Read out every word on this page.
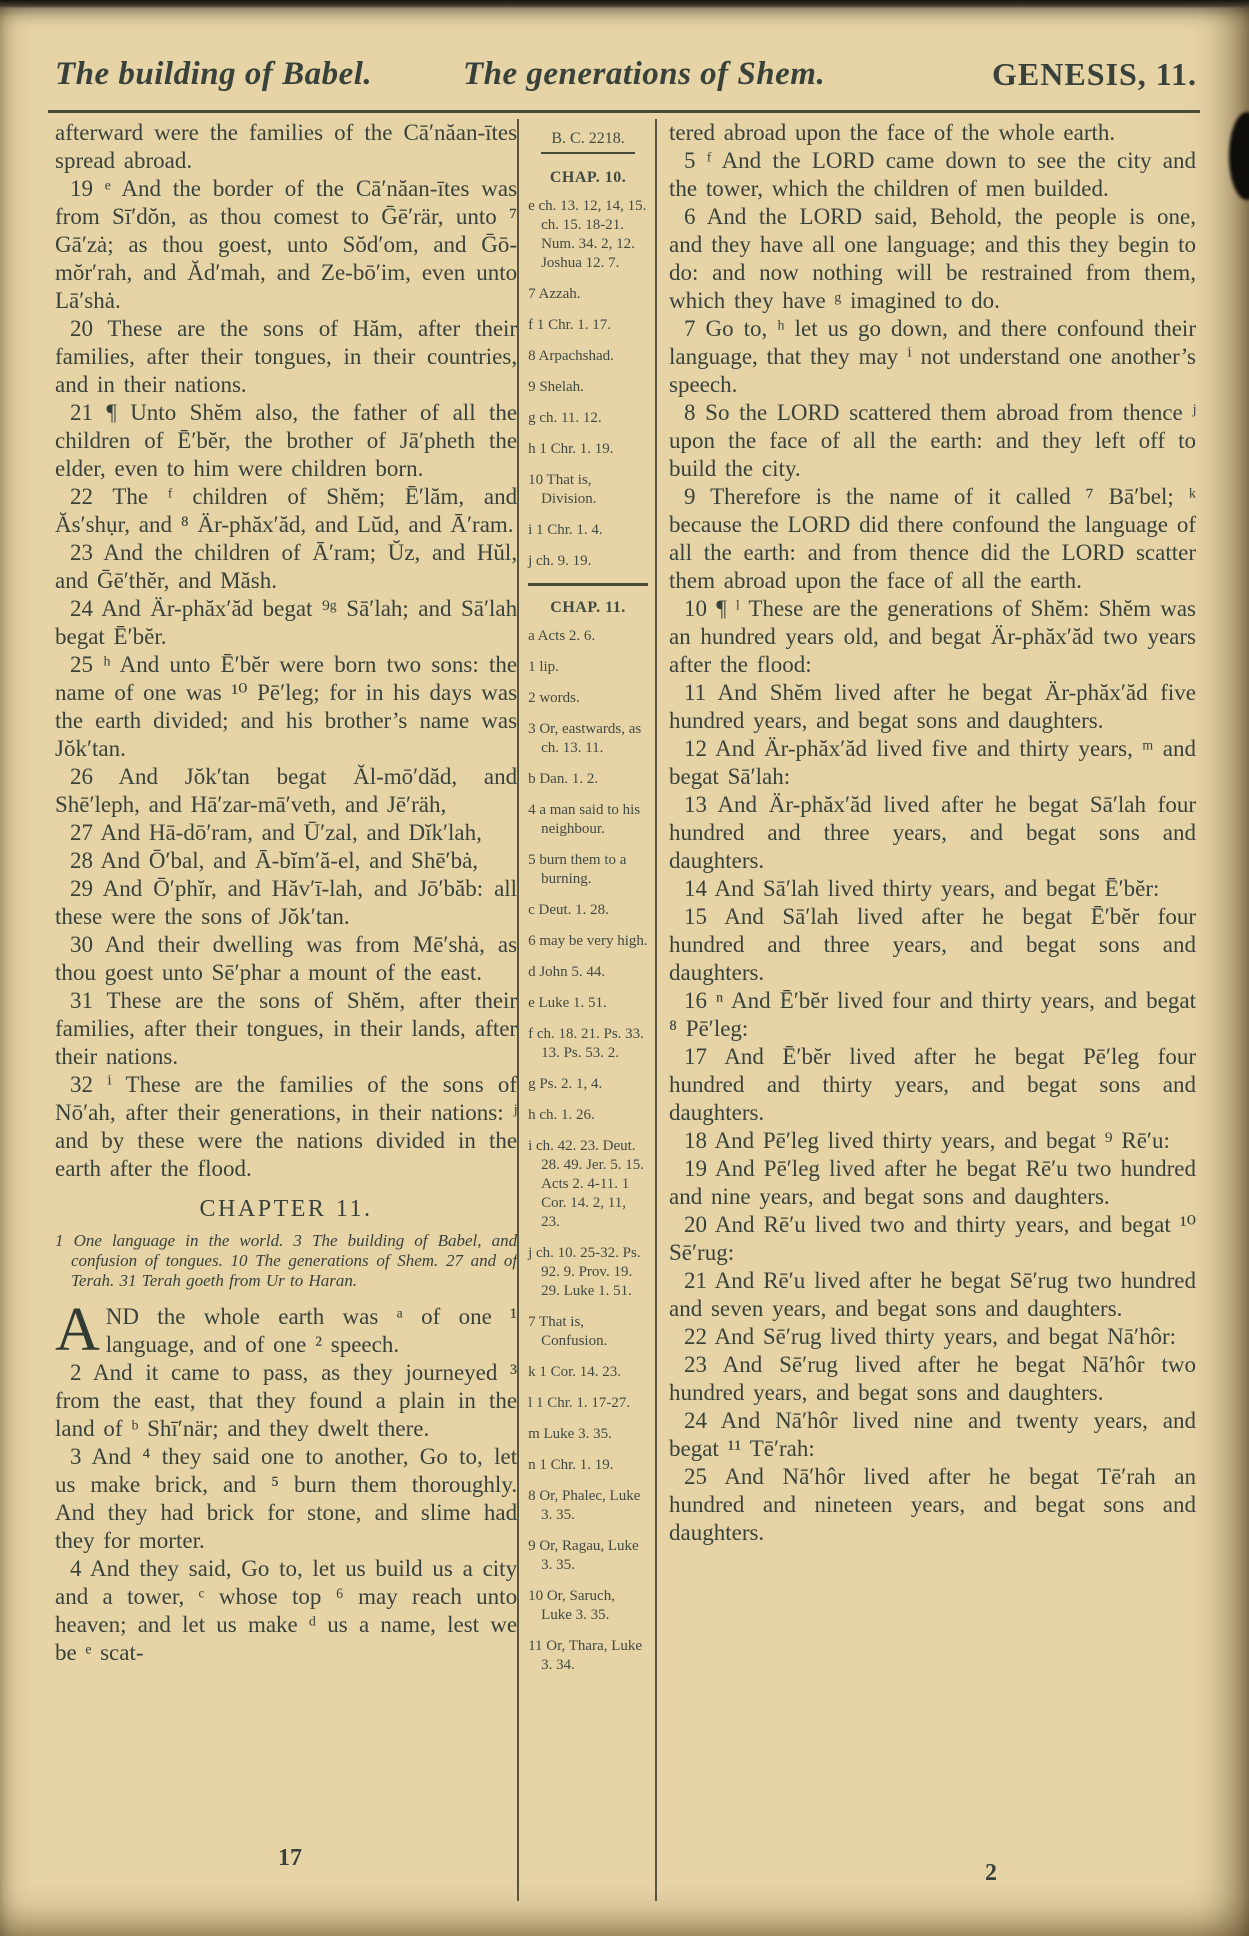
The building of Babel.	The generations of Shem.	GENESIS, 11.

afterward were the families of the Cā′năan-ītes spread abroad.

19 ᵉ And the border of the Cā′năan-ītes was from Sī′dŏn, as thou comest to Ḡē′rär, unto ⁷ Gā′zȧ; as thou goest, unto Sŏd′om, and Ḡō-mŏr′rah, and Ăd′mah, and Ze-bō′im, even unto Lā′shȧ.

20 These are the sons of Hăm, after their families, after their tongues, in their countries, and in their nations.

21 ¶ Unto Shĕm also, the father of all the children of Ē′bĕr, the brother of Jā′pheth the elder, even to him were children born.

22 The ᶠ children of Shĕm; Ē′lăm, and Ăs′shụr, and ⁸ Är-phăx′ăd, and Lŭd, and Ā′ram.

23 And the children of Ā′ram; Ŭz, and Hŭl, and Ḡē′thĕr, and Măsh.

24 And Är-phăx′ăd begat ⁹ᵍ Sā′lah; and Sā′lah begat Ē′bĕr.

25 ʰ And unto Ē′bĕr were born two sons: the name of one was ¹⁰ Pē′leg; for in his days was the earth divided; and his brother’s name was Jŏk′tan.

26 And Jŏk′tan begat Ăl-mō′dăd, and Shē′leph, and Hā′zar-mā′veth, and Jē′räh,

27 And Hā-dō′ram, and Ū′zal, and Dĭk′lah,

28 And Ō′bal, and Ā-bĭm′ă-el, and Shē′bȧ,

29 And Ō′phĭr, and Hăv′ī-lah, and Jō′băb: all these were the sons of Jŏk′tan.

30 And their dwelling was from Mē′shȧ, as thou goest unto Sē′phar a mount of the east.

31 These are the sons of Shĕm, after their families, after their tongues, in their lands, after their nations.

32 ⁱ These are the families of the sons of Nō′ah, after their generations, in their nations: ʲ and by these were the nations divided in the earth after the flood.

CHAPTER 11.

1 One language in the world. 3 The building of Babel, and confusion of tongues. 10 The generations of Shem. 27 and of Terah. 31 Terah goeth from Ur to Haran.

AND the whole earth was ᵃ of one ¹ language, and of one ² speech.

2 And it came to pass, as they journeyed ³ from the east, that they found a plain in the land of ᵇ Shī′när; and they dwelt there.

3 And ⁴ they said one to another, Go to, let us make brick, and ⁵ burn them thoroughly. And they had brick for stone, and slime had they for morter.

4 And they said, Go to, let us build us a city and a tower, ᶜ whose top ⁶ may reach unto heaven; and let us make ᵈ us a name, lest we be ᵉ scat-

B. C. 2218.

CHAP. 10.

e ch. 13. 12, 14, 15. ch. 15. 18-21. Num. 34. 2, 12. Joshua 12. 7.

7 Azzah.

f 1 Chr. 1. 17.

8 Arpachshad.

9 Shelah.

g ch. 11. 12.

h 1 Chr. 1. 19.

10 That is, Division.

i 1 Chr. 1. 4.

j ch. 9. 19.

CHAP. 11.

a Acts 2. 6.

1 lip.

2 words.

3 Or, eastwards, as ch. 13. 11.

b Dan. 1. 2.

4 a man said to his neighbour.

5 burn them to a burning.

c Deut. 1. 28.

6 may be very high.

d John 5. 44.

e Luke 1. 51.

f ch. 18. 21. Ps. 33. 13. Ps. 53. 2.

g Ps. 2. 1, 4.

h ch. 1. 26.

i ch. 42. 23. Deut. 28. 49. Jer. 5. 15. Acts 2. 4-11. 1 Cor. 14. 2, 11, 23.

j ch. 10. 25-32. Ps. 92. 9. Prov. 19. 29. Luke 1. 51.

7 That is, Confusion.

k 1 Cor. 14. 23.

l 1 Chr. 1. 17-27.

m Luke 3. 35.

n 1 Chr. 1. 19.

8 Or, Phalec, Luke 3. 35.

9 Or, Ragau, Luke 3. 35.

10 Or, Saruch, Luke 3. 35.

11 Or, Thara, Luke 3. 34.

tered abroad upon the face of the whole earth.

5 ᶠ And the LORD came down to see the city and the tower, which the children of men builded.

6 And the LORD said, Behold, the people is one, and they have all one language; and this they begin to do: and now nothing will be restrained from them, which they have ᵍ imagined to do.

7 Go to, ʰ let us go down, and there confound their language, that they may ⁱ not understand one another’s speech.

8 So the LORD scattered them abroad from thence ʲ upon the face of all the earth: and they left off to build the city.

9 Therefore is the name of it called ⁷ Bā′bel; ᵏ because the LORD did there confound the language of all the earth: and from thence did the LORD scatter them abroad upon the face of all the earth.

10 ¶ ˡ These are the generations of Shĕm: Shĕm was an hundred years old, and begat Är-phăx′ăd two years after the flood:

11 And Shĕm lived after he begat Är-phăx′ăd five hundred years, and begat sons and daughters.

12 And Är-phăx′ăd lived five and thirty years, ᵐ and begat Sā′lah:

13 And Är-phăx′ăd lived after he begat Sā′lah four hundred and three years, and begat sons and daughters.

14 And Sā′lah lived thirty years, and begat Ē′bĕr:

15 And Sā′lah lived after he begat Ē′bĕr four hundred and three years, and begat sons and daughters.

16 ⁿ And Ē′bĕr lived four and thirty years, and begat ⁸ Pē′leg:

17 And Ē′bĕr lived after he begat Pē′leg four hundred and thirty years, and begat sons and daughters.

18 And Pē′leg lived thirty years, and begat ⁹ Rē′u:

19 And Pē′leg lived after he begat Rē′u two hundred and nine years, and begat sons and daughters.

20 And Rē′u lived two and thirty years, and begat ¹⁰ Sē′rug:

21 And Rē′u lived after he begat Sē′rug two hundred and seven years, and begat sons and daughters.

22 And Sē′rug lived thirty years, and begat Nā′hôr:

23 And Sē′rug lived after he begat Nā′hôr two hundred years, and begat sons and daughters.

24 And Nā′hôr lived nine and twenty years, and begat ¹¹ Tē′rah:

25 And Nā′hôr lived after he begat Tē′rah an hundred and nineteen years, and begat sons and daughters.

17
2
